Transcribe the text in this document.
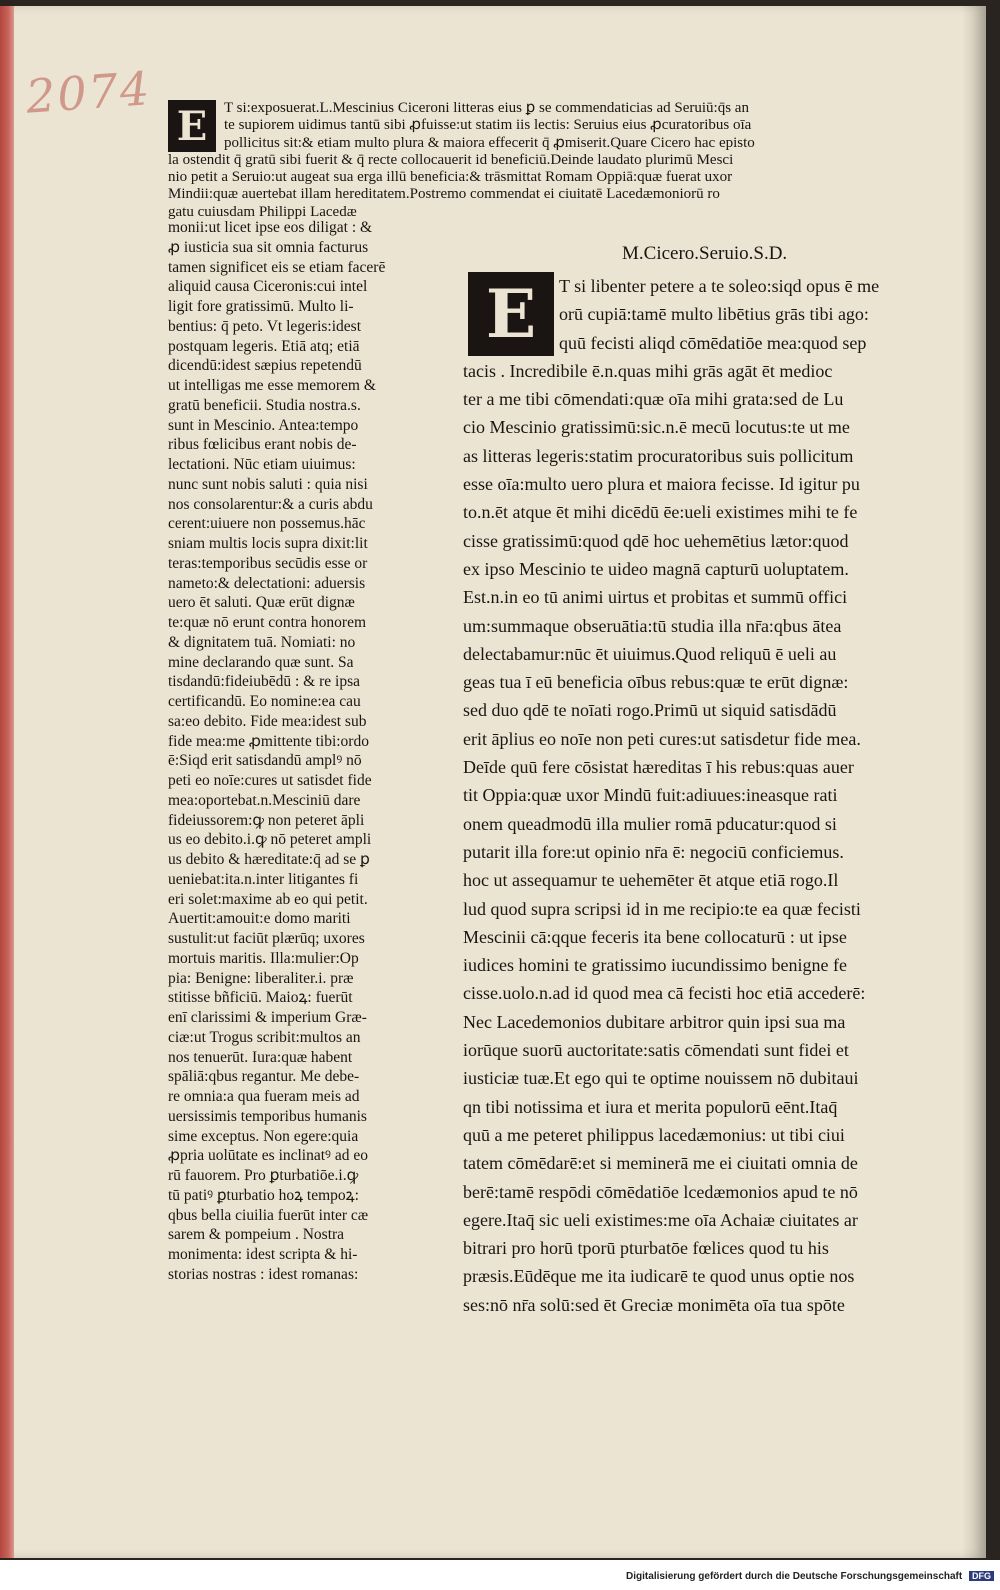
2074
E	T si:exposuerat.L.Mescinius Ciceroni litteras eius ꝑ se commendaticias ad Seruiū:q̄s an
te supiorem uidimus tantū sibi ꝓfuisse:ut statim iis lectis: Seruius eius ꝓcuratoribus oīa
pollicitus sit:& etiam multo plura & maiora effecerit q̄ ꝓmiserit.Quare Cicero hac episto
la ostendit q̄ gratū sibi fuerit & q̄ recte collocauerit id beneficiū.Deinde laudato plurimū Mesci
nio petit a Seruio:ut augeat sua erga illū beneficia:& trāsmittat Romam Oppiā:quæ fuerat uxor
Mindii:quæ auertebat illam hereditatem.Postremo commendat ei ciuitatē Lacedæmoniorū ro
gatu cuiusdam Philippi Lacedæ
monii:ut licet ipse eos diligat : &
ꝓ iusticia sua sit omnia facturus
tamen significet eis se etiam facerē
aliquid causa Ciceronis:cui intel
ligit fore gratissimū. Multo li-
bentius: q̄ peto. Vt legeris:idest
postquam legeris. Etiā atq; etiā
dicendū:idest sæpius repetendū
ut intelligas me esse memorem &
gratū beneficii. Studia nostra.s.
sunt in Mescinio. Antea:tempo
ribus fœlicibus erant nobis de-
lectationi. Nūc etiam uiuimus:
nunc sunt nobis saluti : quia nisi
nos consolarentur:& a curis abdu
cerent:uiuere non possemus.hāc
sniam multis locis supra dixit:lit
teras:temporibus secūdis esse or
nameto:& delectationi: aduersis
uero ēt saluti. Quæ erūt dignæ
te:quæ nō erunt contra honorem
& dignitatem tuā. Nomiati: no
mine declarando quæ sunt. Sa
tisdandū:fideiubēdū : & re ipsa
certificandū. Eo nomine:ea cau
sa:eo debito. Fide mea:idest sub
fide mea:me ꝓmittente tibi:ordo
ē:Siqd erit satisdandū amplꝰ nō
peti eo noīe:cures ut satisdet fide
mea:oportebat.n.Mesciniū dare
fideiussorem:ꝙ non peteret āpli
us eo debito.i.ꝙ nō peteret ampli
us debito & hæreditate:q̄ ad se ꝑ
ueniebat:ita.n.inter litigantes fi
eri solet:maxime ab eo qui petit.
Auertit:amouit:e domo mariti
sustulit:ut faciūt plærūq; uxores
mortuis maritis. Illa:mulier:Op
pia: Benigne: liberaliter.i. præ
stitisse bñficiū. Maioꝝ: fuerūt
enī clarissimi & imperium Græ-
ciæ:ut Trogus scribit:multos an
nos tenuerūt. Iura:quæ habent
spāliā:qbus regantur. Me debe-
re omnia:a qua fueram meis ad
uersissimis temporibus humanis
sime exceptus. Non egere:quia
ꝓpria uolūtate es inclinatꝰ ad eo
rū fauorem. Pro ꝑturbatiōe.i.ꝙ
tū patiꝰ ꝑturbatio hoꝝ tempoꝝ:
qbus bella ciuilia fuerūt inter cæ
sarem & pompeium . Nostra
monimenta: idest scripta & hi-
storias nostras : idest romanas:
M.Cicero.Seruio.S.D.
E	T si libenter petere a te soleo:siqd opus ē me
orū cupiā:tamē multo libētius grās tibi ago:
quū fecisti aliqd cōmēdatiōe mea:quod sep
tacis . Incredibile ē.n.quas mihi grās agāt ēt medioc
ter a me tibi cōmendati:quæ oīa mihi grata:sed de Lu
cio Mescinio gratissimū:sic.n.ē mecū locutus:te ut me
as litteras legeris:statim procuratoribus suis pollicitum
esse oīa:multo uero plura et maiora fecisse. Id igitur pu
to.n.ēt atque ēt mihi dicēdū ēe:ueli existimes mihi te fe
cisse gratissimū:quod qdē hoc uehemētius lætor:quod
ex ipso Mescinio te uideo magnā capturū uoluptatem.
Est.n.in eo tū animi uirtus et probitas et summū offici
um:summaque obseruātia:tū studia illa nr̄a:qbus ātea
delectabamur:nūc ēt uiuimus.Quod reliquū ē ueli au
geas tua ī eū beneficia oībus rebus:quæ te erūt dignæ:
sed duo qdē te noīati rogo.Primū ut siquid satisdādū
erit āplius eo noīe non peti cures:ut satisdetur fide mea.
Deīde quū fere cōsistat hæreditas ī his rebus:quas auer
tit Oppia:quæ uxor Mindū fuit:adiuues:ineasque rati
onem queadmodū illa mulier romā pducatur:quod si
putarit illa fore:ut opinio nr̄a ē: negociū conficiemus.
hoc ut assequamur te uehemēter ēt atque etiā rogo.Il
lud quod supra scripsi id in me recipio:te ea quæ fecisti
Mescinii cā:qque feceris ita bene collocaturū : ut ipse
iudices homini te gratissimo iucundissimo benigne fe
cisse.uolo.n.ad id quod mea cā fecisti hoc etiā accederē:
Nec Lacedemonios dubitare arbitror quin ipsi sua ma
iorūque suorū auctoritate:satis cōmendati sunt fidei et
iusticiæ tuæ.Et ego qui te optime nouissem nō dubitaui
qn tibi notissima et iura et merita populorū eēnt.Itaq̄
quū a me peteret philippus lacedæmonius: ut tibi ciui
tatem cōmēdarē:et si meminerā me ei ciuitati omnia de
berē:tamē respōdi cōmēdatiōe lcedæmonios apud te nō
egere.Itaq̄ sic ueli existimes:me oīa Achaiæ ciuitates ar
bitrari pro horū tporū pturbatōe fœlices quod tu his
præsis.Eūdēque me ita iudicarē te quod unus optie nos
ses:nō nr̄a solū:sed ēt Greciæ monimēta oīa tua spōte
Digitalisierung gefördert durch die Deutsche Forschungsgemeinschaft DFG
